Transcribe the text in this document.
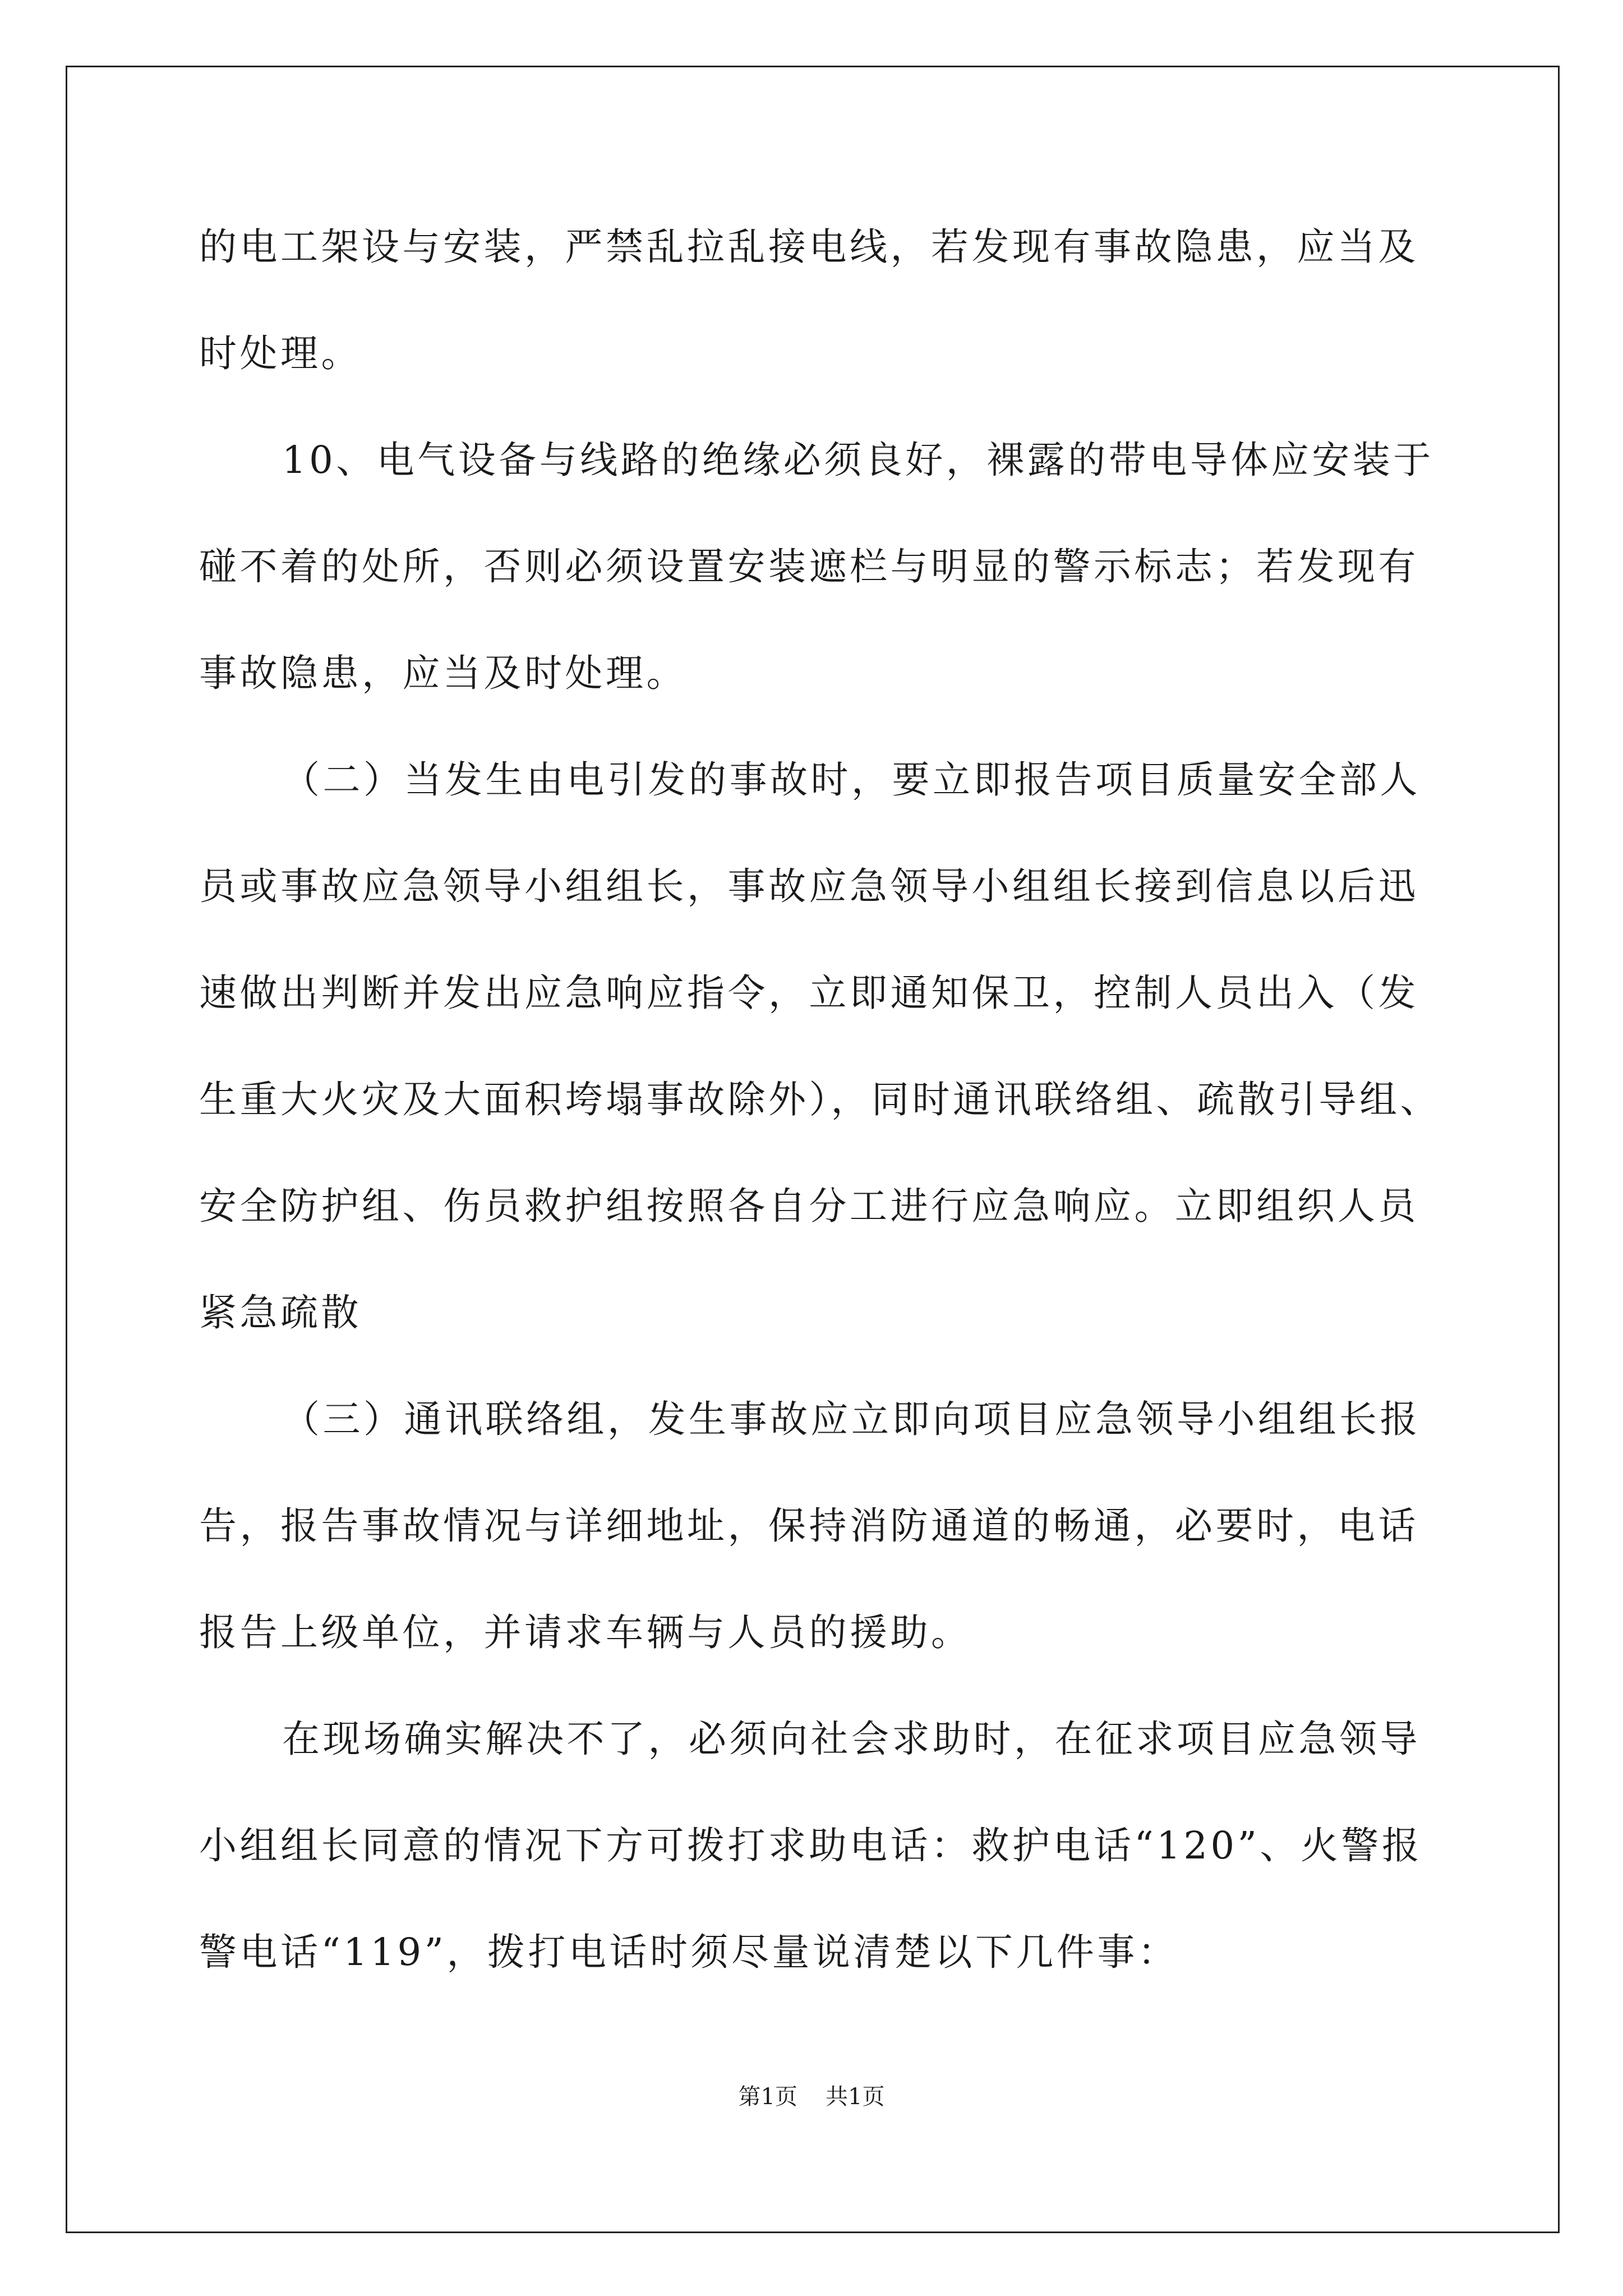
的电工架设与安装，严禁乱拉乱接电线，若发现有事故隐患，应当及
时处理。
10、电气设备与线路的绝缘必须良好，裸露的带电导体应安装于
碰不着的处所，否则必须设置安装遮栏与明显的警示标志；若发现有
事故隐患，应当及时处理。
（二）当发生由电引发的事故时，要立即报告项目质量安全部人
员或事故应急领导小组组长，事故应急领导小组组长接到信息以后迅
速做出判断并发出应急响应指令，立即通知保卫，控制人员出入（发
生重大火灾及大面积垮塌事故除外），同时通讯联络组、疏散引导组、
安全防护组、伤员救护组按照各自分工进行应急响应。立即组织人员
紧急疏散
（三）通讯联络组，发生事故应立即向项目应急领导小组组长报
告，报告事故情况与详细地址，保持消防通道的畅通，必要时，电话
报告上级单位，并请求车辆与人员的援助。
在现场确实解决不了，必须向社会求助时，在征求项目应急领导
小组组长同意的情况下方可拨打求助电话：救护电话“120”、火警报
警电话“119”，拨打电话时须尽量说清楚以下几件事：
第1页 共1页
